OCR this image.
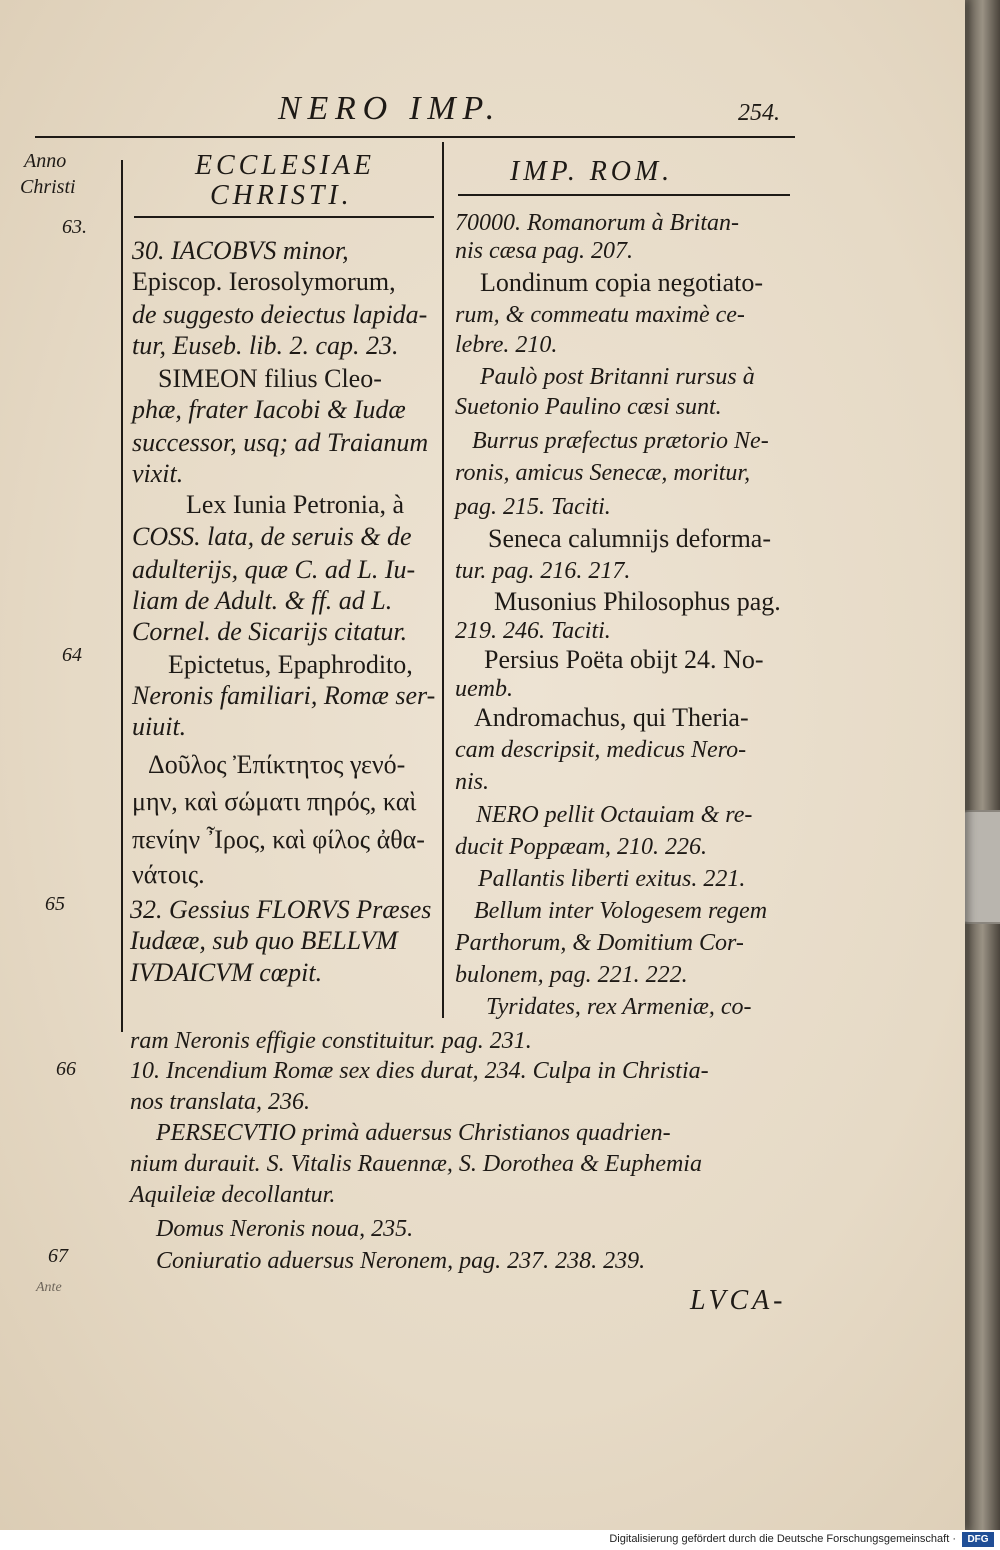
NERO IMP.	254.
Anno
Christi
63.
64
65
66
67
Ante
ECCLESIAE
CHRISTI.
IMP. ROM.
30. IACOBVS minor,
Episcop. Ierosolymorum,
de suggesto deiectus lapida-
tur, Euseb. lib. 2. cap. 23.
SIMEON filius Cleo-
phæ, frater Iacobi & Iudæ
successor, usq; ad Traianum
vixit.
Lex Iunia Petronia, à
COSS. lata, de seruis & de
adulterijs, quæ C. ad L. Iu-
liam de Adult. & ff. ad L.
Cornel. de Sicarijs citatur.
Epictetus, Epaphrodito,
Neronis familiari, Romæ ser-
uiuit.
Δοῦλος Ἐπίκτητος γενό-
μην, καὶ σώματι πηρός, καὶ
πενίην Ἶρος, καὶ φίλος ἀθα-
νάτοις.
32. Gessius FLORVS Præses
Iudææ, sub quo BELLVM
IVDAICVM cœpit.
70000. Romanorum à Britan-
nis cæsa pag. 207.
Londinum copia negotiato-
rum, & commeatu maximè ce-
lebre. 210.
Paulò post Britanni rursus à
Suetonio Paulino cæsi sunt.
Burrus præfectus prætorio Ne-
ronis, amicus Senecæ, moritur,
pag. 215. Taciti.
Seneca calumnijs deforma-
tur. pag. 216. 217.
Musonius Philosophus pag.
219. 246. Taciti.
Persius Poëta obijt 24. No-
uemb.
Andromachus, qui Theria-
cam descripsit, medicus Nero-
nis.
NERO pellit Octauiam & re-
ducit Poppæam, 210. 226.
Pallantis liberti exitus. 221.
Bellum inter Vologesem regem
Parthorum, & Domitium Cor-
bulonem, pag. 221. 222.
Tyridates, rex Armeniæ, co-
ram Neronis effigie constituitur. pag. 231.
10. Incendium Romæ sex dies durat, 234. Culpa in Christia-
nos translata, 236.
PERSECVTIO primà aduersus Christianos quadrien-
nium durauit. S. Vitalis Rauennæ, S. Dorothea & Euphemia
Aquileiæ decollantur.
Domus Neronis noua, 235.
Coniuratio aduersus Neronem, pag. 237. 238. 239.
LVCA-
Digitalisierung gefördert durch die Deutsche Forschungsgemeinschaft ·	DFG
